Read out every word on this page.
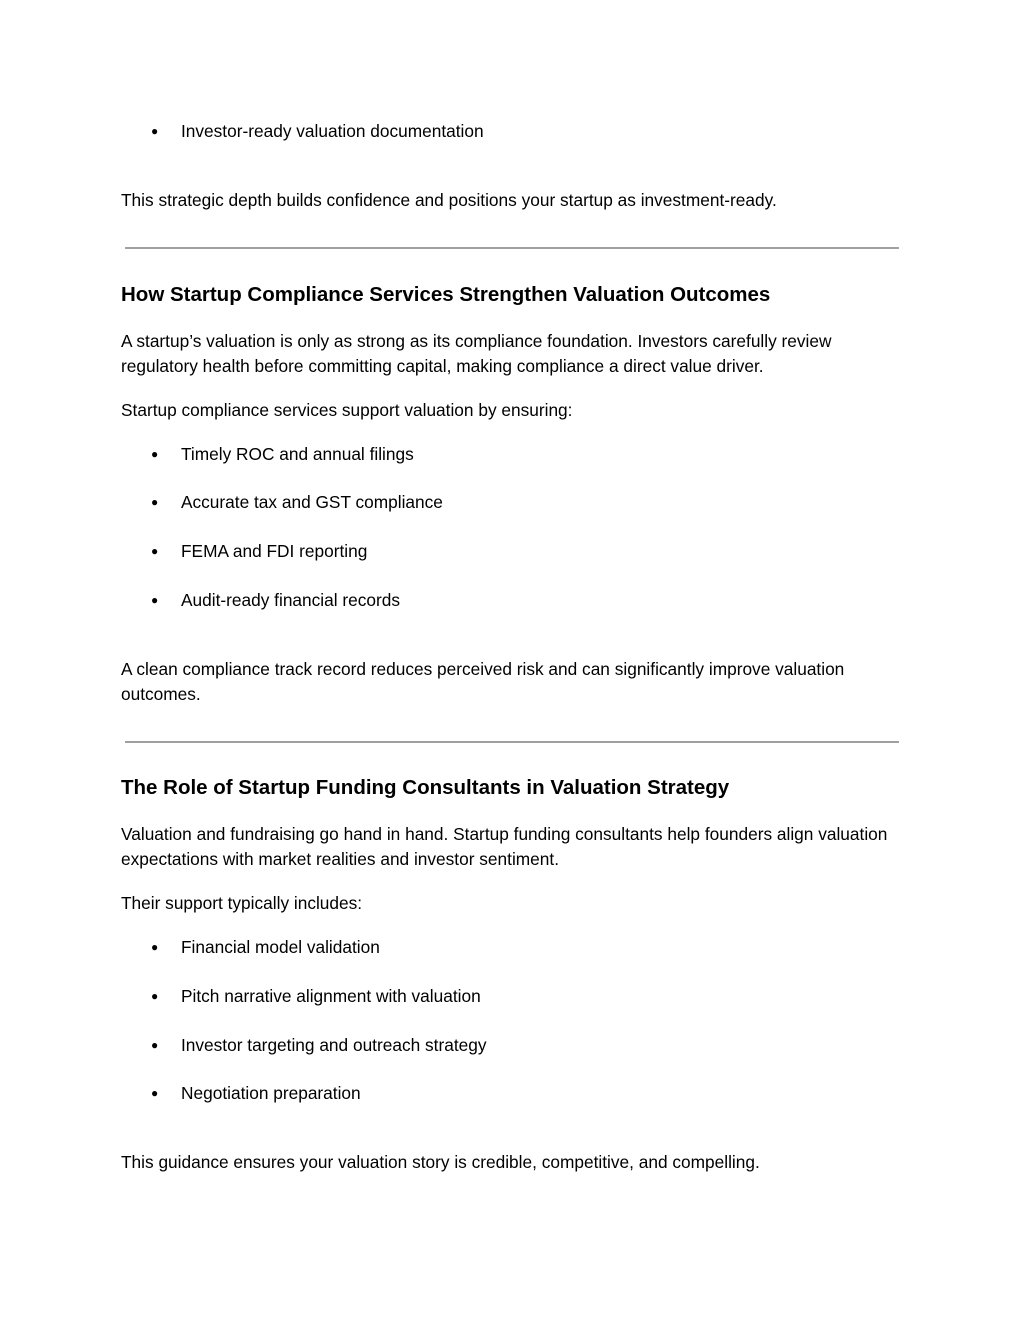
●	Investor-ready valuation documentation

This strategic depth builds confidence and positions your startup as investment-ready.

How Startup Compliance Services Strengthen Valuation Outcomes

A startup’s valuation is only as strong as its compliance foundation. Investors carefully review regulatory health before committing capital, making compliance a direct value driver.

Startup compliance services support valuation by ensuring:

●	Timely ROC and annual filings
●	Accurate tax and GST compliance
●	FEMA and FDI reporting
●	Audit-ready financial records

A clean compliance track record reduces perceived risk and can significantly improve valuation outcomes.

The Role of Startup Funding Consultants in Valuation Strategy

Valuation and fundraising go hand in hand. Startup funding consultants help founders align valuation expectations with market realities and investor sentiment.

Their support typically includes:

●	Financial model validation
●	Pitch narrative alignment with valuation
●	Investor targeting and outreach strategy
●	Negotiation preparation

This guidance ensures your valuation story is credible, competitive, and compelling.
